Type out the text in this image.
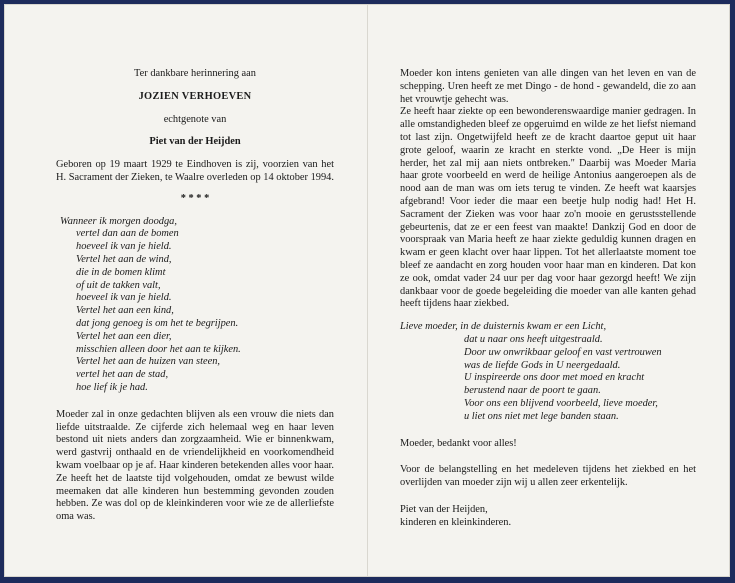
Ter dankbare herinnering aan
JOZIEN VERHOEVEN
echtgenote van
Piet van der Heijden
Geboren op 19 maart 1929 te Eindhoven is zij, voorzien van het H. Sacrament der Zieken, te Waalre overleden op 14 oktober 1994.
* * * *
Wanneer ik morgen doodga,
vertel dan aan de bomen
hoeveel ik van je hield.
Vertel het aan de wind,
die in de bomen klimt
of uit de takken valt,
hoeveel ik van je hield.
Vertel het aan een kind,
dat jong genoeg is om het te begrijpen.
Vertel het aan een dier,
misschien alleen door het aan te kijken.
Vertel het aan de huizen van steen,
vertel het aan de stad,
hoe lief ik je had.
Moeder zal in onze gedachten blijven als een vrouw die niets dan liefde uitstraalde. Ze cijferde zich helemaal weg en haar leven bestond uit niets anders dan zorgzaamheid. Wie er binnenkwam, werd gastvrij onthaald en de vriendelijkheid en voorkomendheid kwam voelbaar op je af. Haar kinderen betekenden alles voor haar. Ze heeft het de laatste tijd volgehouden, omdat ze bewust wilde meemaken dat alle kinderen hun bestemming gevonden zouden hebben. Ze was dol op de kleinkinderen voor wie ze de allerliefste oma was.
Moeder kon intens genieten van alle dingen van het leven en van de schepping. Uren heeft ze met Dingo - de hond - gewandeld, die zo aan het vrouwtje gehecht was.
Ze heeft haar ziekte op een bewonderenswaardige manier gedragen. In alle omstandigheden bleef ze opgeruimd en wilde ze het liefst niemand tot last zijn. Ongetwijfeld heeft ze de kracht daartoe geput uit haar grote geloof, waarin ze kracht en sterkte vond. „De Heer is mijn herder, het zal mij aan niets ontbreken." Daarbij was Moeder Maria haar grote voorbeeld en werd de heilige Antonius aangeroepen als de nood aan de man was om iets terug te vinden. Ze heeft wat kaarsjes afgebrand! Voor ieder die maar een beetje hulp nodig had! Het H. Sacrament der Zieken was voor haar zo'n mooie en gerustsstellende gebeurtenis, dat ze er een feest van maakte! Dankzij God en door de voorspraak van Maria heeft ze haar ziekte geduldig kunnen dragen en kwam er geen klacht over haar lippen. Tot het allerlaatste moment toe bleef ze aandacht en zorg houden voor haar man en kinderen. Dat kon ze ook, omdat vader 24 uur per dag voor haar gezorgd heeft! We zijn dankbaar voor de goede begeleiding die moeder van alle kanten gehad heeft tijdens haar ziekbed.
Lieve moeder, in de duisternis kwam er een Licht,
dat u naar ons heeft uitgestraald.
Door uw onwrikbaar geloof en vast vertrouwen
was de liefde Gods in U neergedaald.
U inspireerde ons door met moed en kracht
berustend naar de poort te gaan.
Voor ons een blijvend voorbeeld, lieve moeder,
u liet ons niet met lege banden staan.
Moeder, bedankt voor alles!
Voor de belangstelling en het medeleven tijdens het ziekbed en het overlijden van moeder zijn wij u allen zeer erkentelijk.
Piet van der Heijden,
kinderen en kleinkinderen.
